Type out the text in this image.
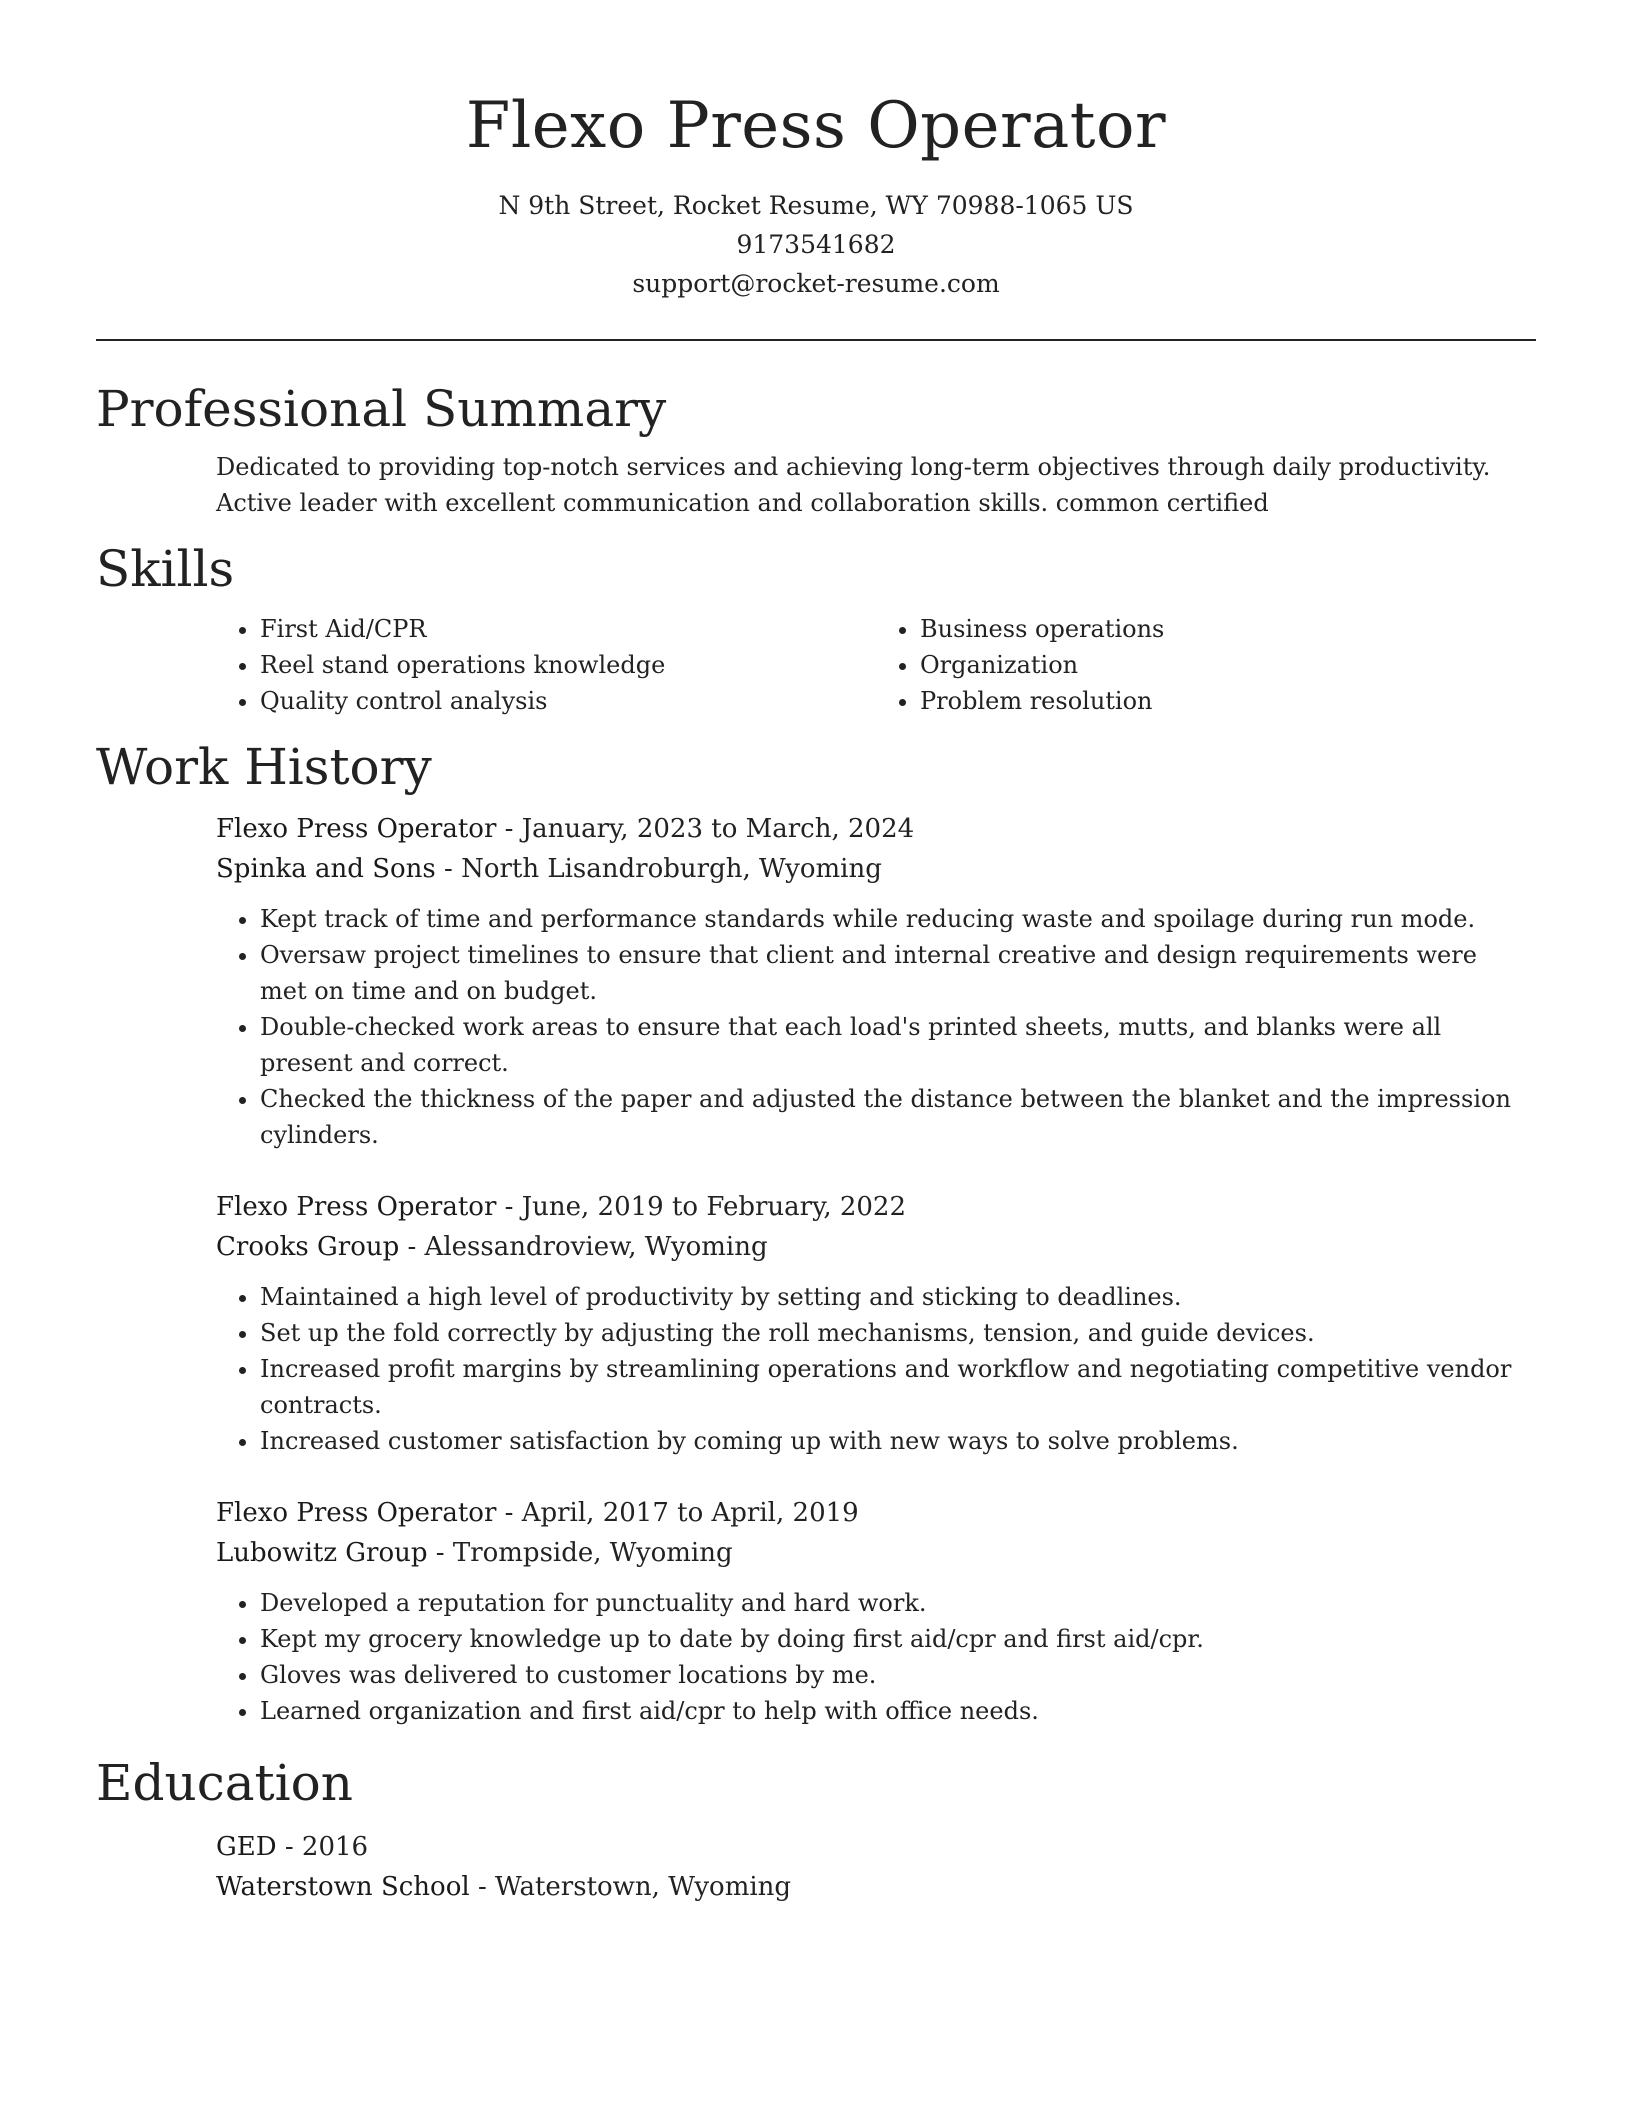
Flexo Press Operator
N 9th Street, Rocket Resume, WY 70988-1065 US
9173541682
support@rocket-resume.com
Professional Summary

Dedicated to providing top-notch services and achieving long-term objectives through daily productivity. Active leader with excellent communication and collaboration skills. common certified

Skills
• First Aid/CPR
• Reel stand operations knowledge
• Quality control analysis
• Business operations
• Organization
• Problem resolution
Work History
Flexo Press Operator - January, 2023 to March, 2024
Spinka and Sons - North Lisandroburgh, Wyoming
• Kept track of time and performance standards while reducing waste and spoilage during run mode.
• Oversaw project timelines to ensure that client and internal creative and design requirements were met on time and on budget.
• Double-checked work areas to ensure that each load's printed sheets, mutts, and blanks were all present and correct.
• Checked the thickness of the paper and adjusted the distance between the blanket and the impression cylinders.
Flexo Press Operator - June, 2019 to February, 2022
Crooks Group - Alessandroview, Wyoming
• Maintained a high level of productivity by setting and sticking to deadlines.
• Set up the fold correctly by adjusting the roll mechanisms, tension, and guide devices.
• Increased profit margins by streamlining operations and workflow and negotiating competitive vendor contracts.
• Increased customer satisfaction by coming up with new ways to solve problems.
Flexo Press Operator - April, 2017 to April, 2019
Lubowitz Group - Trompside, Wyoming
• Developed a reputation for punctuality and hard work.
• Kept my grocery knowledge up to date by doing first aid/cpr and first aid/cpr.
• Gloves was delivered to customer locations by me.
• Learned organization and first aid/cpr to help with office needs.
Education
GED - 2016
Waterstown School - Waterstown, Wyoming
